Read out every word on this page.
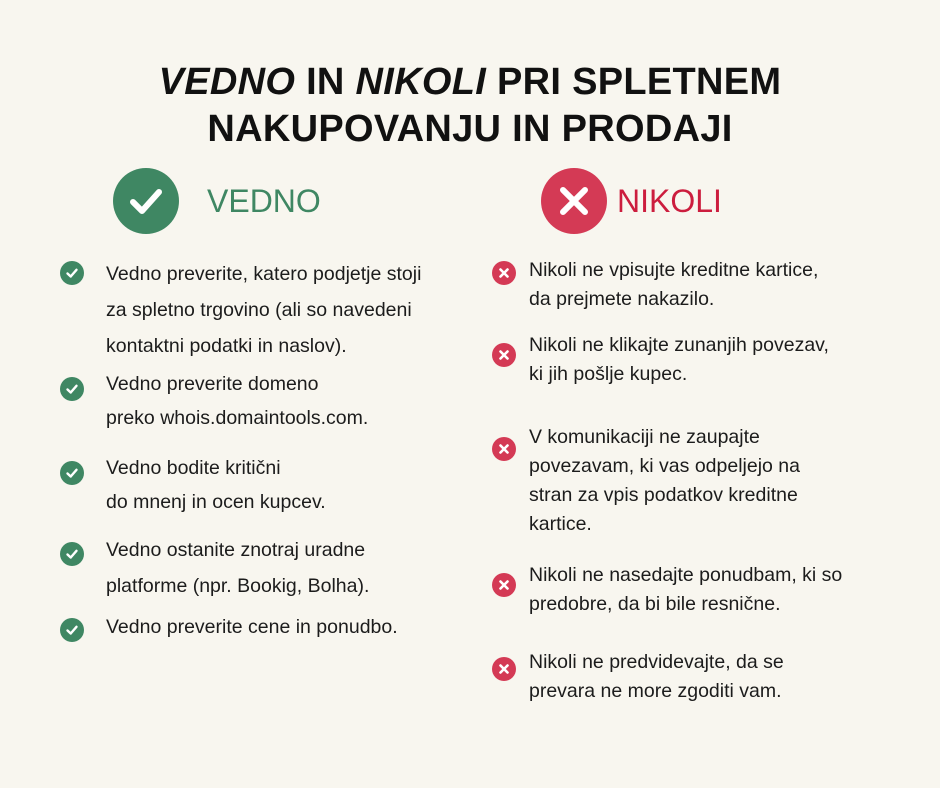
VEDNO IN NIKOLI PRI SPLETNEM
NAKUPOVANJU IN PRODAJI
VEDNO	NIKOLI
Vedno preverite, katero podjetje stoji
za spletno trgovino (ali so navedeni
kontaktni podatki in naslov).
Vedno preverite domeno
preko whois.domaintools.com.
Vedno bodite kritični
do mnenj in ocen kupcev.
Vedno ostanite znotraj uradne
platforme (npr. Bookig, Bolha).
Vedno preverite cene in ponudbo.
Nikoli ne vpisujte kreditne kartice,
da prejmete nakazilo.
Nikoli ne klikajte zunanjih povezav,
ki jih pošlje kupec.
V komunikaciji ne zaupajte
povezavam, ki vas odpeljejo na
stran za vpis podatkov kreditne
kartice.
Nikoli ne nasedajte ponudbam, ki so
predobre, da bi bile resnične.
Nikoli ne predvidevajte, da se
prevara ne more zgoditi vam.
